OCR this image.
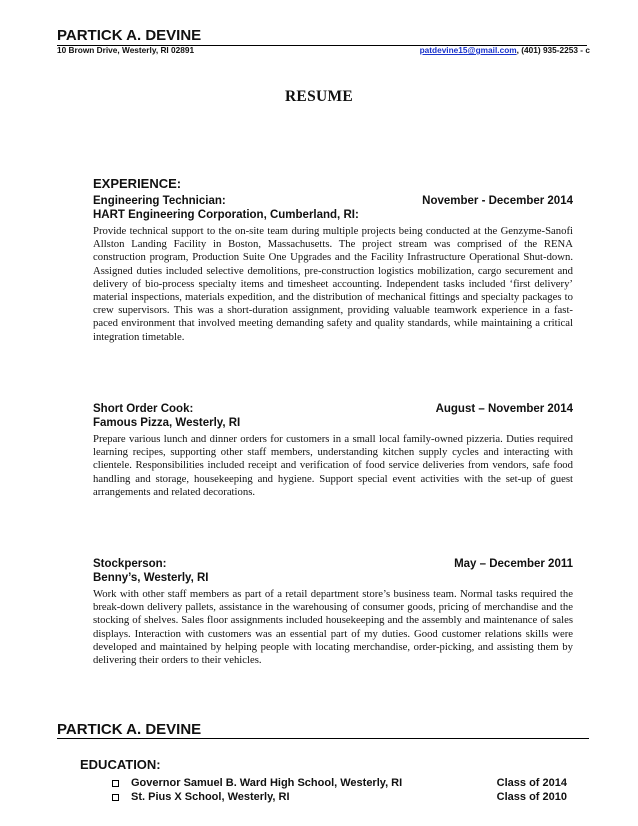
PARTICK A. DEVINE
10 Brown Drive, Westerly, RI 02891	patdevine15@gmail.com, (401) 935-2253 - c
RESUME
EXPERIENCE:
Engineering Technician:	November - December 2014
HART Engineering Corporation, Cumberland, RI:
Provide technical support to the on-site team during multiple projects being conducted at the Genzyme-Sanofi Allston Landing Facility in Boston, Massachusetts. The project stream was comprised of the RENA construction program, Production Suite One Upgrades and the Facility Infrastructure Operational Shut-down. Assigned duties included selective demolitions, pre-construction logistics mobilization, cargo securement and delivery of bio-process specialty items and timesheet accounting. Independent tasks included ‘first delivery’ material inspections, materials expedition, and the distribution of mechanical fittings and specialty packages to crew supervisors. This was a short-duration assignment, providing valuable teamwork experience in a fast-paced environment that involved meeting demanding safety and quality standards, while maintaining a critical integration timetable.
Short Order Cook:	August – November 2014
Famous Pizza, Westerly, RI
Prepare various lunch and dinner orders for customers in a small local family-owned pizzeria. Duties required learning recipes, supporting other staff members, understanding kitchen supply cycles and interacting with clientele. Responsibilities included receipt and verification of food service deliveries from vendors, safe food handling and storage, housekeeping and hygiene. Support special event activities with the set-up of guest arrangements and related decorations.
Stockperson:	May – December 2011
Benny’s, Westerly, RI
Work with other staff members as part of a retail department store’s business team. Normal tasks required the break-down delivery pallets, assistance in the warehousing of consumer goods, pricing of merchandise and the stocking of shelves. Sales floor assignments included housekeeping and the assembly and maintenance of sales displays. Interaction with customers was an essential part of my duties. Good customer relations skills were developed and maintained by helping people with locating merchandise, order-picking, and assisting them by delivering their orders to their vehicles.
PARTICK A. DEVINE
EDUCATION:
Governor Samuel B. Ward High School, Westerly, RI	Class of 2014
St. Pius X School, Westerly, RI	Class of 2010
